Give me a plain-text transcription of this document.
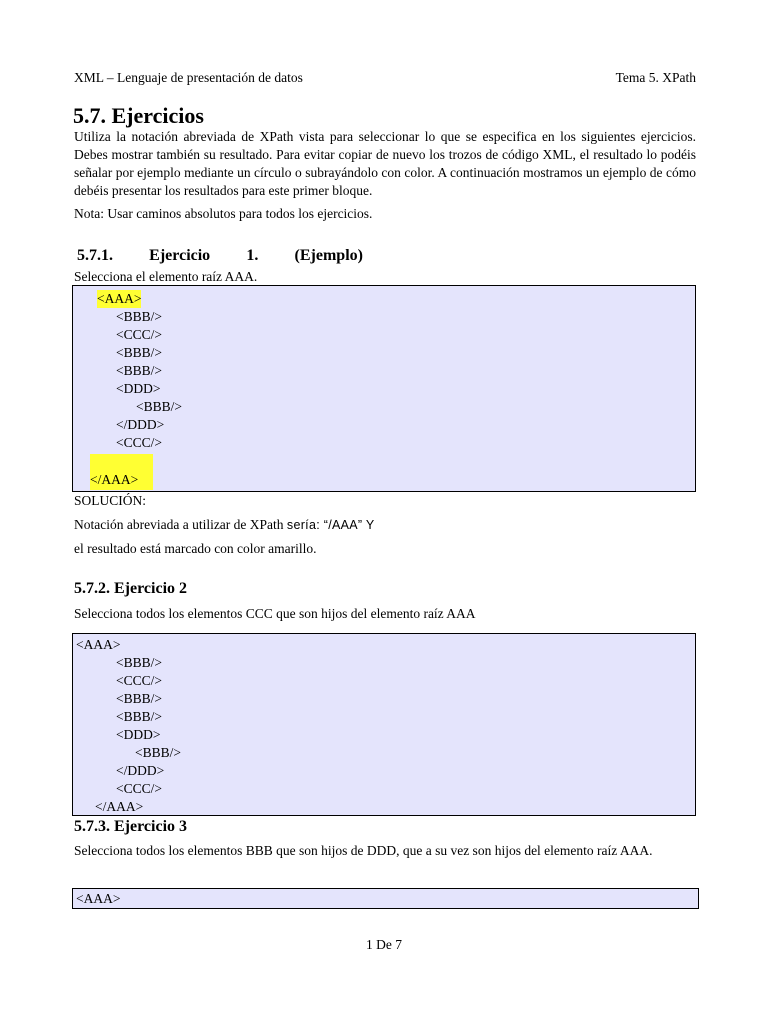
XML – Lenguaje de presentación de datos	Tema 5. XPath
5.7. Ejercicios

Utiliza la notación abreviada de XPath vista para seleccionar lo que se especifica en los siguientes ejercicios. Debes mostrar también su resultado. Para evitar copiar de nuevo los trozos de código XML, el resultado lo podéis señalar por ejemplo mediante un círculo o subrayándolo con color. A continuación mostramos un ejemplo de cómo debéis presentar los resultados para este primer bloque.

Nota: Usar caminos absolutos para todos los ejercicios.

5.7.1. Ejercicio 1. (Ejemplo)

Selecciona el elemento raíz AAA.

<AAA>
<BBB/>
<CCC/>
<BBB/>
<BBB/>
<DDD>
<BBB/>
</DDD>
<CCC/>
</AAA>

SOLUCIÓN:

Notación abreviada a utilizar de XPath sería: “/AAA” Y

el resultado está marcado con color amarillo.

5.7.2. Ejercicio 2

Selecciona todos los elementos CCC que son hijos del elemento raíz AAA

<AAA>
<BBB/>
<CCC/>
<BBB/>
<BBB/>
<DDD>
<BBB/>
</DDD>
<CCC/>
</AAA>
5.7.3. Ejercicio 3

Selecciona todos los elementos BBB que son hijos de DDD, que a su vez son hijos del elemento raíz AAA.

<AAA>
1 De 7
